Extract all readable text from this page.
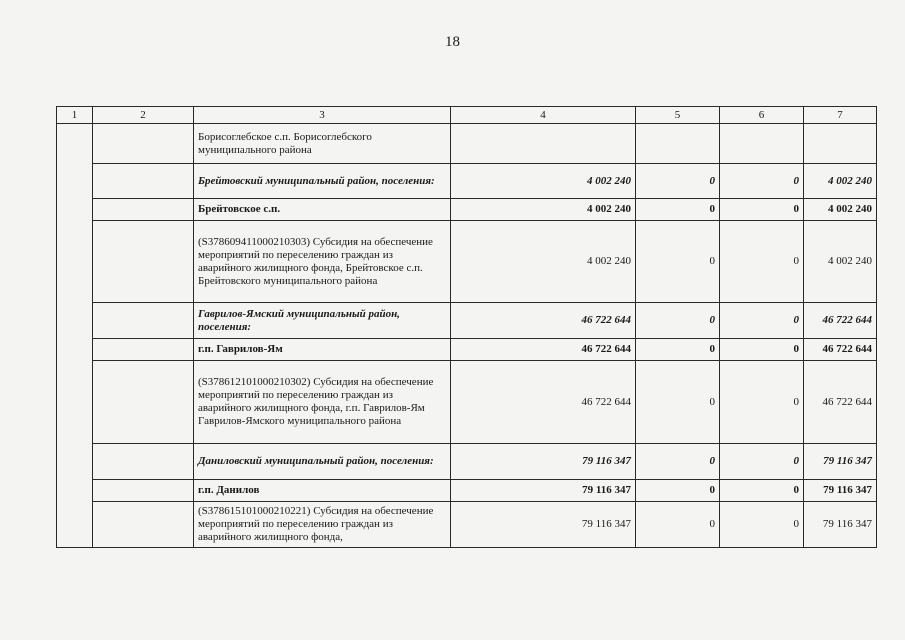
18
1	2	3	4	5	6	7
		Борисоглебское с.п. Борисоглебского муниципального района				
		Брейтовский муниципальный район, поселения:	4 002 240	0	0	4 002 240
		Брейтовское с.п.	4 002 240	0	0	4 002 240
		(S378609411000210303) Субсидия на обеспечение мероприятий по переселению граждан из аварийного жилищного фонда, Брейтовское с.п. Брейтовского муниципального района	4 002 240	0	0	4 002 240
		Гаврилов-Ямский муниципальный район, поселения:	46 722 644	0	0	46 722 644
		г.п. Гаврилов-Ям	46 722 644	0	0	46 722 644
		(S378612101000210302) Субсидия на обеспечение мероприятий по переселению граждан из аварийного жилищного фонда, г.п. Гаврилов-Ям Гаврилов-Ямского муниципального района	46 722 644	0	0	46 722 644
		Даниловский муниципальный район, поселения:	79 116 347	0	0	79 116 347
		г.п. Данилов	79 116 347	0	0	79 116 347
		(S378615101000210221) Субсидия на обеспечение мероприятий по переселению граждан из аварийного жилищного фонда,	79 116 347	0	0	79 116 347
